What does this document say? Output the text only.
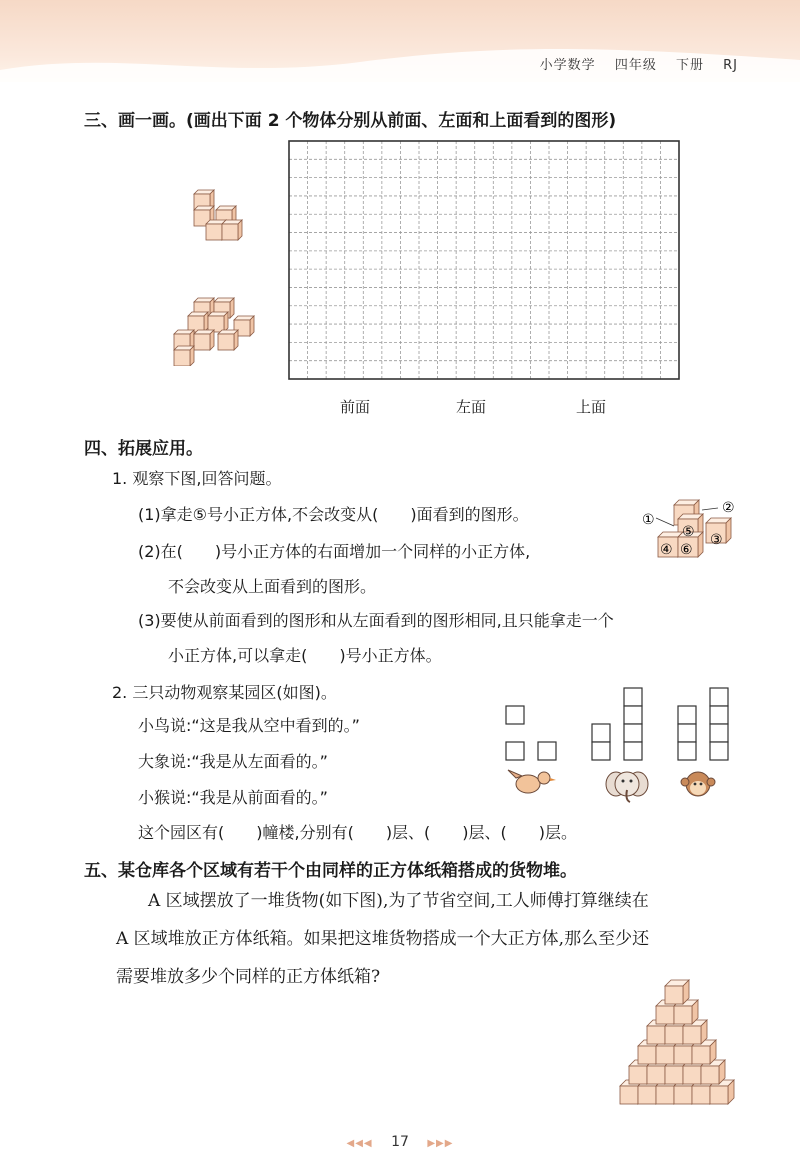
小学数学 四年级 下册 RJ
三、画一画。(画出下面 2 个物体分别从前面、左面和上面看到的图形)
前面	左面	上面
四、拓展应用。
1. 观察下图,回答问题。
(1)拿走⑤号小正方体,不会改变从(　　)面看到的图形。
(2)在(　　)号小正方体的右面增加一个同样的小正方体,
不会改变从上面看到的图形。
(3)要使从前面看到的图形和从左面看到的图形相同,且只能拿走一个
小正方体,可以拿走(　　)号小正方体。
①
②
③
④
⑤
⑥
2. 三只动物观察某园区(如图)。
小鸟说:“这是我从空中看到的。”
大象说:“我是从左面看的。”
小猴说:“我是从前面看的。”
这个园区有(　　)幢楼,分别有(　　)层、(　　)层、(　　)层。
五、某仓库各个区域有若干个由同样的正方体纸箱搭成的货物堆。
A 区域摆放了一堆货物(如下图),为了节省空间,工人师傅打算继续在
A 区域堆放正方体纸箱。如果把这堆货物搭成一个大正方体,那么至少还
需要堆放多少个同样的正方体纸箱?
◀◀◀ 17 ▶▶▶
